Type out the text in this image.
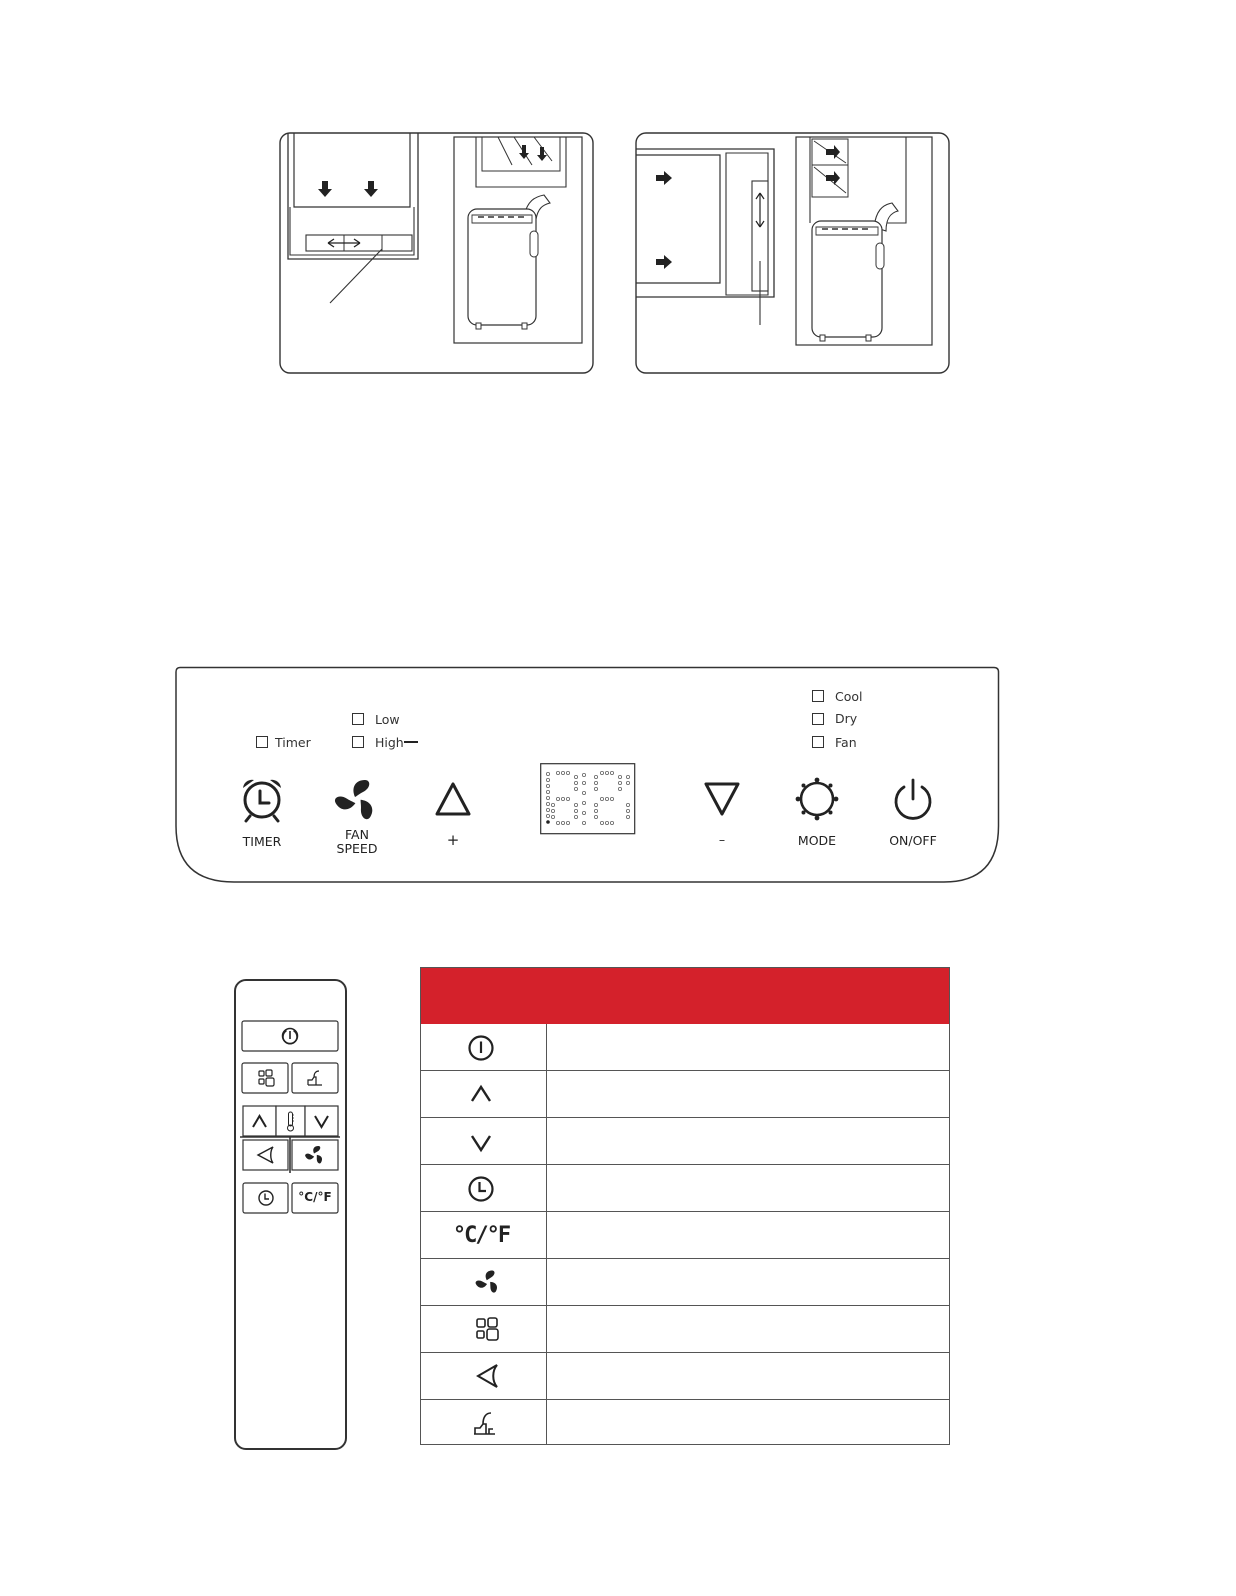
Timer
Low
High
Cool
Dry
Fan
TIMER	FAN
SPEED	+	–	MODE	ON/OFF
°C/°F
°C/°F
